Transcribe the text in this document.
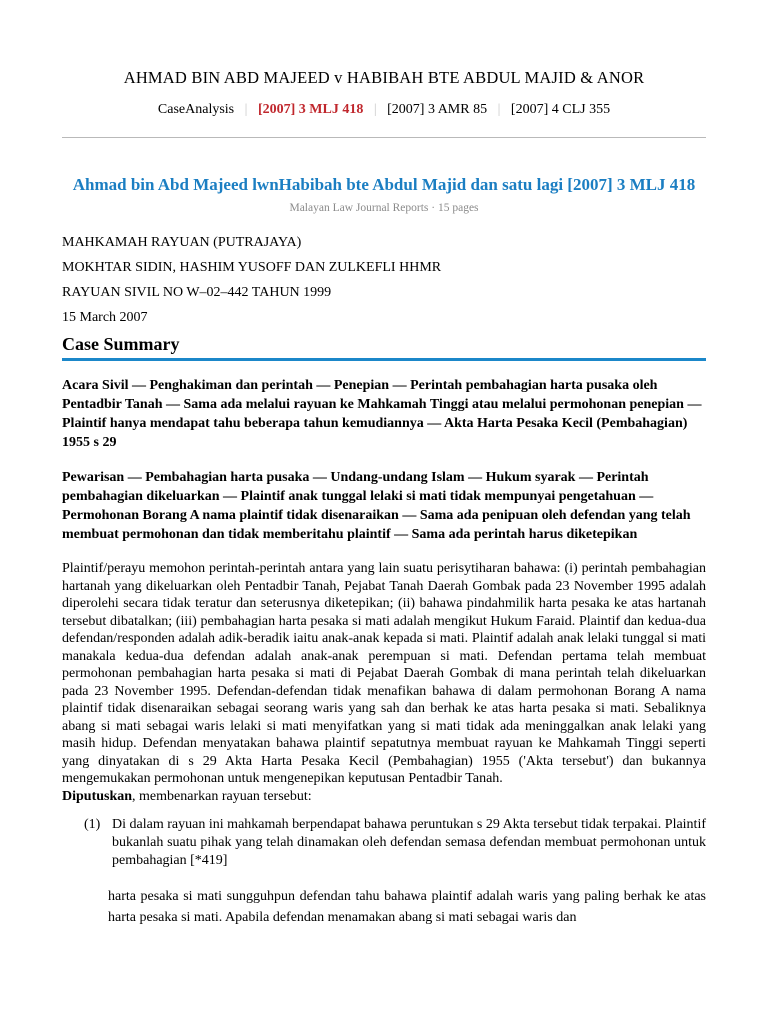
AHMAD BIN ABD MAJEED v HABIBAH BTE ABDUL MAJID & ANOR
CaseAnalysis | [2007] 3 MLJ 418 | [2007] 3 AMR 85 | [2007] 4 CLJ 355
Ahmad bin Abd Majeed lwnHabibah bte Abdul Majid dan satu lagi [2007] 3 MLJ 418
Malayan Law Journal Reports · 15 pages
MAHKAMAH RAYUAN (PUTRAJAYA)
MOKHTAR SIDIN, HASHIM YUSOFF DAN ZULKEFLI HHMR
RAYUAN SIVIL NO W–02–442 TAHUN 1999
15 March 2007
Case Summary
Acara Sivil — Penghakiman dan perintah — Penepian — Perintah pembahagian harta pusaka oleh Pentadbir Tanah — Sama ada melalui rayuan ke Mahkamah Tinggi atau melalui permohonan penepian — Plaintif hanya mendapat tahu beberapa tahun kemudiannya — Akta Harta Pesaka Kecil (Pembahagian) 1955 s 29
Pewarisan — Pembahagian harta pusaka — Undang-undang Islam — Hukum syarak — Perintah pembahagian dikeluarkan — Plaintif anak tunggal lelaki si mati tidak mempunyai pengetahuan — Permohonan Borang A nama plaintif tidak disenaraikan — Sama ada penipuan oleh defendan yang telah membuat permohonan dan tidak memberitahu plaintif — Sama ada perintah harus diketepikan
Plaintif/perayu memohon perintah-perintah antara yang lain suatu perisytiharan bahawa: (i) perintah pembahagian hartanah yang dikeluarkan oleh Pentadbir Tanah, Pejabat Tanah Daerah Gombak pada 23 November 1995 adalah diperolehi secara tidak teratur dan seterusnya diketepikan; (ii) bahawa pindahmilik harta pesaka ke atas hartanah tersebut dibatalkan; (iii) pembahagian harta pesaka si mati adalah mengikut Hukum Faraid. Plaintif dan kedua-dua defendan/responden adalah adik-beradik iaitu anak-anak kepada si mati. Plaintif adalah anak lelaki tunggal si mati manakala kedua-dua defendan adalah anak-anak perempuan si mati. Defendan pertama telah membuat permohonan pembahagian harta pesaka si mati di Pejabat Daerah Gombak di mana perintah telah dikeluarkan pada 23 November 1995. Defendan-defendan tidak menafikan bahawa di dalam permohonan Borang A nama plaintif tidak disenaraikan sebagai seorang waris yang sah dan berhak ke atas harta pesaka si mati. Sebaliknya abang si mati sebagai waris lelaki si mati menyifatkan yang si mati tidak ada meninggalkan anak lelaki yang masih hidup. Defendan menyatakan bahawa plaintif sepatutnya membuat rayuan ke Mahkamah Tinggi seperti yang dinyatakan di s 29 Akta Harta Pesaka Kecil (Pembahagian) 1955 ('Akta tersebut') dan bukannya mengemukakan permohonan untuk mengenepikan keputusan Pentadbir Tanah.
Diputuskan, membenarkan rayuan tersebut:
(1) Di dalam rayuan ini mahkamah berpendapat bahawa peruntukan s 29 Akta tersebut tidak terpakai. Plaintif bukanlah suatu pihak yang telah dinamakan oleh defendan semasa defendan membuat permohonan untuk pembahagian [*419]
harta pesaka si mati sungguhpun defendan tahu bahawa plaintif adalah waris yang paling berhak ke atas harta pesaka si mati. Apabila defendan menamakan abang si mati sebagai waris dan
